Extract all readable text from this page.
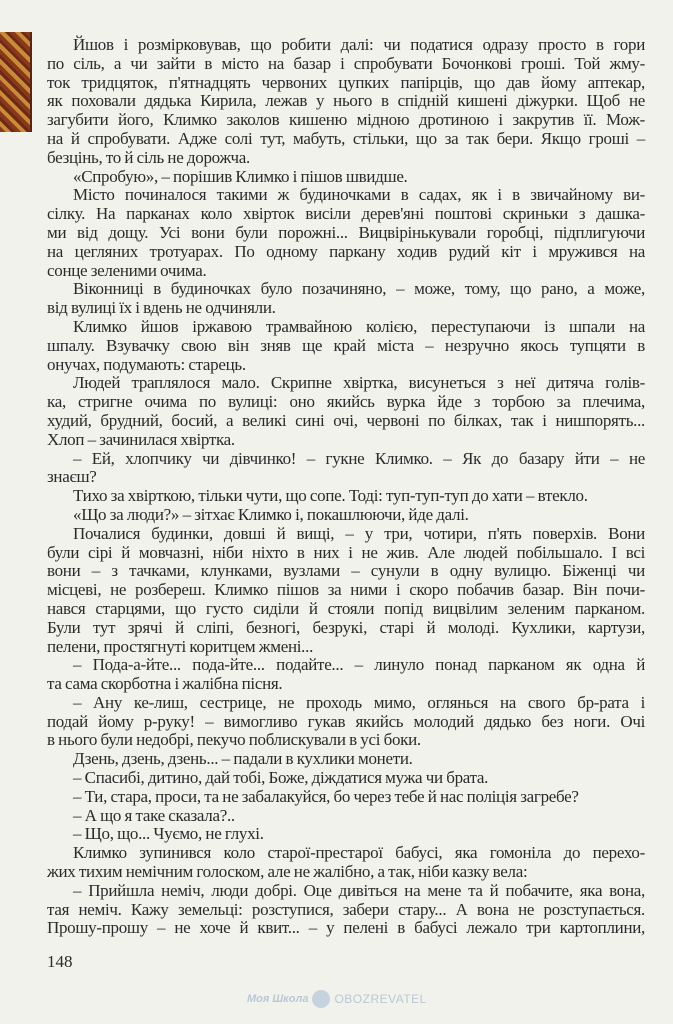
Йшов і розмірковував, що робити далі: чи податися одразу просто в гори
по сіль, а чи зайти в місто на базар і спробувати Бочонкові гроші. Той жму-
ток тридцяток, п'ятнадцять червоних цупких папірців, що дав йому аптекар,
як поховали дядька Кирила, лежав у нього в спідній кишені діжурки. Щоб не
загубити його, Климко заколов кишеню мідною дротиною і закрутив її. Мож-
на й спробувати. Адже солі тут, мабуть, стільки, що за так бери. Якщо гроші –
безцінь, то й сіль не дорожча.
«Спробую», – порішив Климко і пішов швидше.
Місто починалося такими ж будиночками в садах, як і в звичайному ви-
сілку. На парканах коло хвірток висіли дерев'яні поштові скриньки з дашка-
ми від дощу. Усі вони були порожні... Вицвірінькували горобці, підплигуючи
на цегляних тротуарах. По одному паркану ходив рудий кіт і мружився на
сонце зеленими очима.
Віконниці в будиночках було позачиняно, – може, тому, що рано, а може,
від вулиці їх і вдень не одчиняли.
Климко йшов іржавою трамвайною колією, переступаючи із шпали на
шпалу. Взувачку свою він зняв ще край міста – незручно якось тупцяти в
онучах, подумають: старець.
Людей траплялося мало. Скрипне хвіртка, висунеться з неї дитяча голів-
ка, стригне очима по вулиці: оно якийсь вурка йде з торбою за плечима,
худий, брудний, босий, а великі сині очі, червоні по білках, так і нишпорять...
Хлоп – зачинилася хвіртка.
– Ей, хлопчику чи дівчинко! – гукне Климко. – Як до базару йти – не
знаєш?
Тихо за хвірткою, тільки чути, що сопе. Тоді: туп-туп-туп до хати – втекло.
«Що за люди?» – зітхає Климко і, покашлюючи, йде далі.
Почалися будинки, довші й вищі, – у три, чотири, п'ять поверхів. Вони
були сірі й мовчазні, ніби ніхто в них і не жив. Але людей побільшало. І всі
вони – з тачками, клунками, вузлами – сунули в одну вулицю. Біженці чи
місцеві, не розбереш. Климко пішов за ними і скоро побачив базар. Він почи-
нався старцями, що густо сиділи й стояли попід вицвілим зеленим парканом.
Були тут зрячі й сліпі, безногі, безрукі, старі й молоді. Кухлики, картузи,
пелени, простягнуті коритцем жмені...
– Пода-а-йте... пода-йте... подайте... – линуло понад парканом як одна й
та сама скорботна і жалібна пісня.
– Ану ке-лиш, сестрице, не проходь мимо, оглянься на свого бр-рата і
подай йому р-руку! – вимогливо гукав якийсь молодий дядько без ноги. Очі
в нього були недобрі, пекучо поблискували в усі боки.
Дзень, дзень, дзень... – падали в кухлики монети.
– Спасибі, дитино, дай тобі, Боже, діждатися мужа чи брата.
– Ти, стара, проси, та не забалакуйся, бо через тебе й нас поліція загребе?
– А що я таке сказала?..
– Що, що... Чуємо, не глухі.
Климко зупинився коло старої-престарої бабусі, яка гомоніла до перехо-
жих тихим немічним голоском, але не жалібно, а так, ніби казку вела:
– Прийшла неміч, люди добрі. Оце дивіться на мене та й побачите, яка вона,
тая неміч. Кажу земельці: розступися, забери стару... А вона не розступається.
Прошу-прошу – не хоче й квит... – у пелені в бабусі лежало три картоплини,
148
Моя Школа OBOZREVATEL
